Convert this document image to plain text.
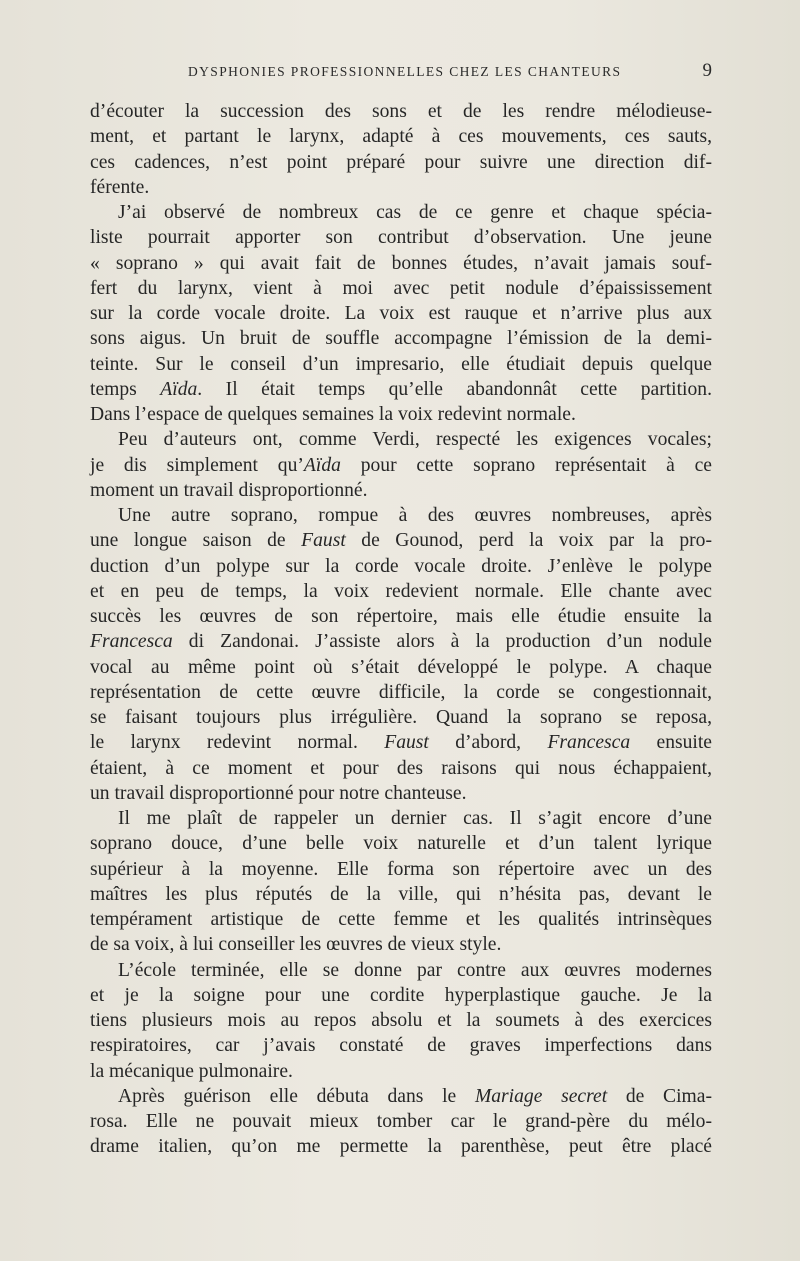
DYSPHONIES PROFESSIONNELLES CHEZ LES CHANTEURS	9

d’écouter la succession des sons et de les rendre mélodieuse-
ment, et partant le larynx, adapté à ces mouvements, ces sauts,
ces cadences, n’est point préparé pour suivre une direction dif-
férente.

J’ai observé de nombreux cas de ce genre et chaque spécia-
liste pourrait apporter son contribut d’observation. Une jeune
« soprano » qui avait fait de bonnes études, n’avait jamais souf-
fert du larynx, vient à moi avec petit nodule d’épaississement
sur la corde vocale droite. La voix est rauque et n’arrive plus aux
sons aigus. Un bruit de souffle accompagne l’émission de la demi-
teinte. Sur le conseil d’un impresario, elle étudiait depuis quelque
temps Aïda. Il était temps qu’elle abandonnât cette partition.
Dans l’espace de quelques semaines la voix redevint normale.

Peu d’auteurs ont, comme Verdi, respecté les exigences vocales;
je dis simplement qu’Aïda pour cette soprano représentait à ce
moment un travail disproportionné.

Une autre soprano, rompue à des œuvres nombreuses, après
une longue saison de Faust de Gounod, perd la voix par la pro-
duction d’un polype sur la corde vocale droite. J’enlève le polype
et en peu de temps, la voix redevient normale. Elle chante avec
succès les œuvres de son répertoire, mais elle étudie ensuite la
Francesca di Zandonai. J’assiste alors à la production d’un nodule
vocal au même point où s’était développé le polype. A chaque
représentation de cette œuvre difficile, la corde se congestionnait,
se faisant toujours plus irrégulière. Quand la soprano se reposa,
le larynx redevint normal. Faust d’abord, Francesca ensuite
étaient, à ce moment et pour des raisons qui nous échappaient,
un travail disproportionné pour notre chanteuse.

Il me plaît de rappeler un dernier cas. Il s’agit encore d’une
soprano douce, d’une belle voix naturelle et d’un talent lyrique
supérieur à la moyenne. Elle forma son répertoire avec un des
maîtres les plus réputés de la ville, qui n’hésita pas, devant le
tempérament artistique de cette femme et les qualités intrinsèques
de sa voix, à lui conseiller les œuvres de vieux style.

L’école terminée, elle se donne par contre aux œuvres modernes
et je la soigne pour une cordite hyperplastique gauche. Je la
tiens plusieurs mois au repos absolu et la soumets à des exercices
respiratoires, car j’avais constaté de graves imperfections dans
la mécanique pulmonaire.

Après guérison elle débuta dans le Mariage secret de Cima-
rosa. Elle ne pouvait mieux tomber car le grand-père du mélo-
drame italien, qu’on me permette la parenthèse, peut être placé
